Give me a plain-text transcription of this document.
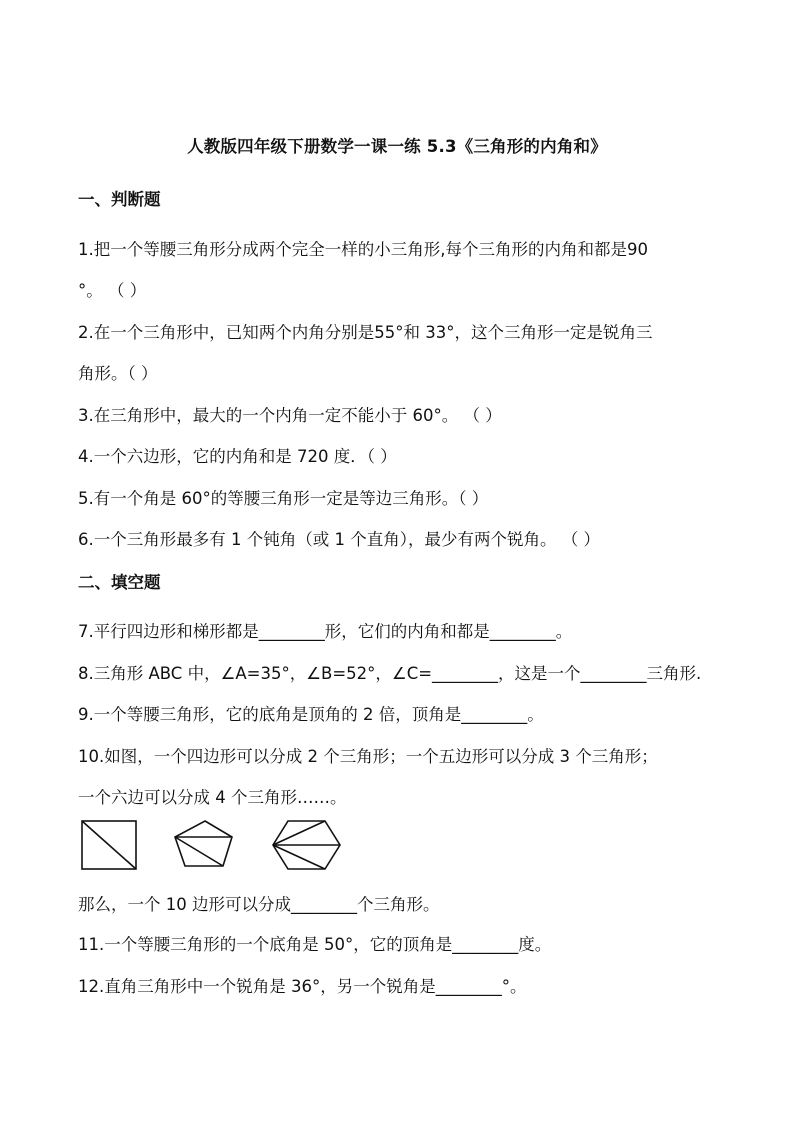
人教版四年级下册数学一课一练 5.3《三角形的内角和》
一、判断题
1.把一个等腰三角形分成两个完全一样的小三角形,每个三角形的内角和都是90
°。 （ ）
2.在一个三角形中，已知两个内角分别是55°和 33°，这个三角形一定是锐角三
角形。（ ）
3.在三角形中，最大的一个内角一定不能小于 60°。 （ ）
4.一个六边形，它的内角和是 720 度．（ ）
5.有一个角是 60°的等腰三角形一定是等边三角形。（ ）
6.一个三角形最多有 1 个钝角（或 1 个直角），最少有两个锐角。 （ ）
二、填空题
7.平行四边形和梯形都是________形，它们的内角和都是________。
8.三角形 ABC 中，∠A=35°，∠B=52°，∠C=________，这是一个________三角形.
9.一个等腰三角形，它的底角是顶角的 2 倍，顶角是________。
10.如图，一个四边形可以分成 2 个三角形；一个五边形可以分成 3 个三角形；
一个六边可以分成 4 个三角形……。
那么，一个 10 边形可以分成________个三角形。
11.一个等腰三角形的一个底角是 50°，它的顶角是________度。
12.直角三角形中一个锐角是 36°，另一个锐角是________°。
